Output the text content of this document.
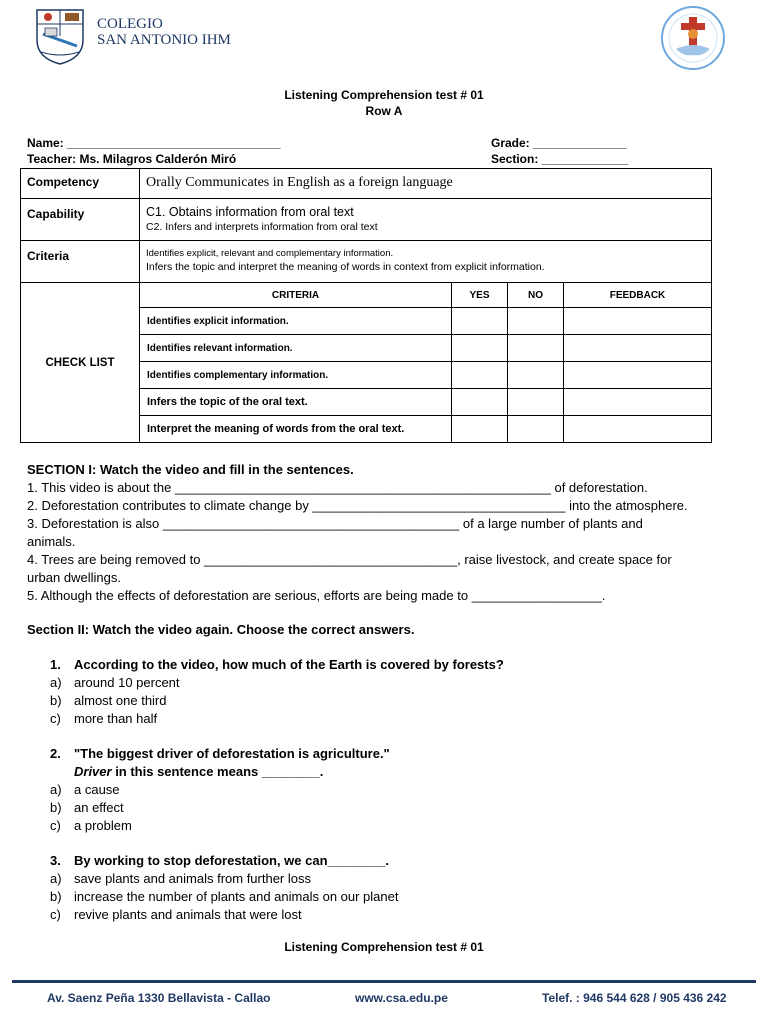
COLEGIO
SAN ANTONIO IHM
Listening Comprehension test # 01
Row A
Name: ________________________________
Teacher: Ms. Milagros Calderón Miró
Grade: ______________
Section: _____________
Competency	Orally Communicates in English as a foreign language
Capability	C1. Obtains information from oral text
C2. Infers and interprets information from oral text

Criteria	Identifies explicit, relevant and complementary information.
Infers the topic and interpret the meaning of words in context from explicit information.

CHECK LIST	
CRITERIA	YES	NO	FEEDBACK
Identifies explicit information.			
Identifies relevant information.			
Identifies complementary information.			
Infers the topic of the oral text.			
Interpret the meaning of words from the oral text.			
SECTION I: Watch the video and fill in the sentences.
1. This video is about the ____________________________________________________ of deforestation.
2. Deforestation contributes to climate change by ___________________________________ into the atmosphere.
3. Deforestation is also _________________________________________ of a large number of plants and
animals.
4. Trees are being removed to ___________________________________, raise livestock, and create space for
urban dwellings.
5. Although the effects of deforestation are serious, efforts are being made to __________________.
Section II: Watch the video again. Choose the correct answers.
1. According to the video, how much of the Earth is covered by forests?
a) around 10 percent
b) almost one third
c) more than half
2. "The biggest driver of deforestation is agriculture."
Driver in this sentence means ________.
a) a cause
b) an effect
c) a problem
3. By working to stop deforestation, we can________.
a) save plants and animals from further loss
b) increase the number of plants and animals on our planet
c) revive plants and animals that were lost
Listening Comprehension test # 01
Av. Saenz Peña 1330 Bellavista - Callao	www.csa.edu.pe	Telef. : 946 544 628 / 905 436 242
